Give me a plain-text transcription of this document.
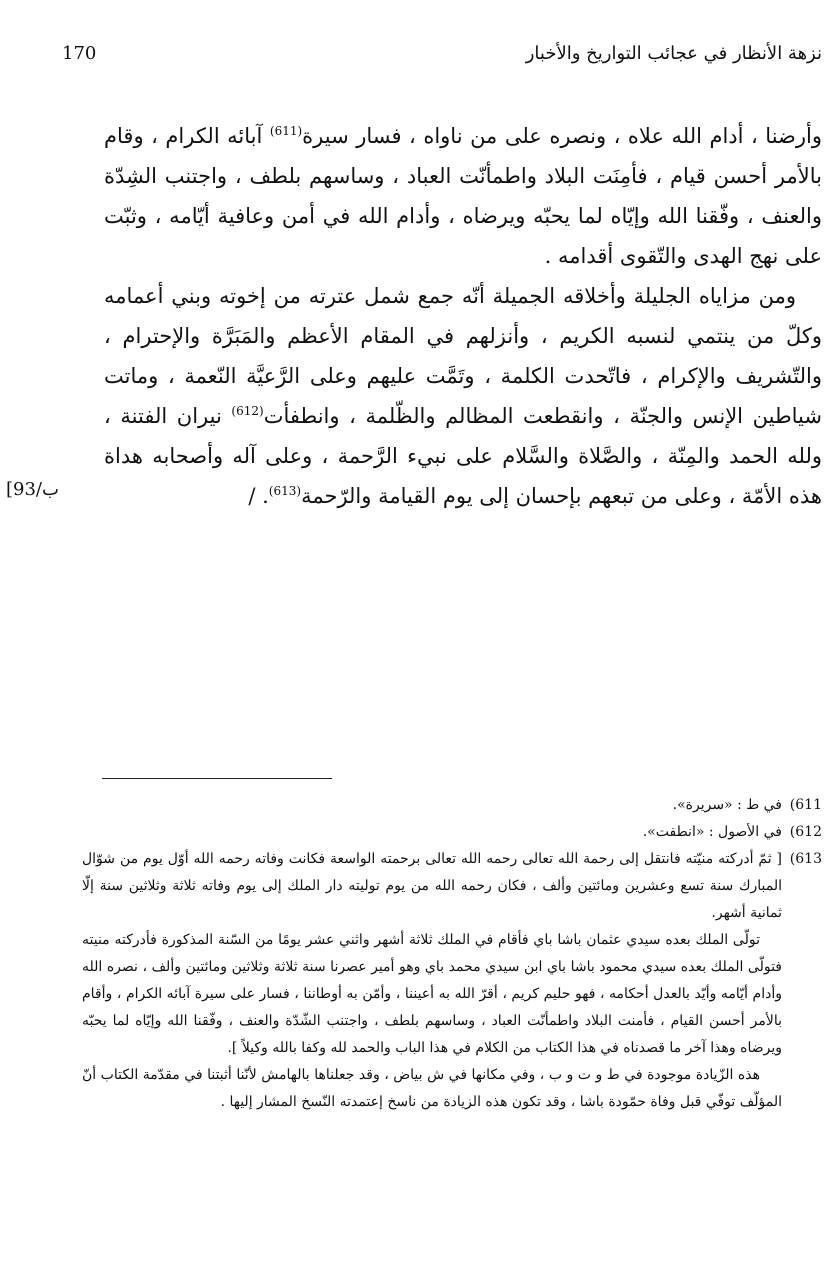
نزهة الأنظار في عجائب التواريخ والأخبار
170

وأرضنا ، أدام الله علاه ، ونصره على من ناواه ، فسار سيرة$^{(611)}$ آبائه الكرام ، وقام بالأمر أحسن قيام ، فأمِنَت البلاد واطمأنّت العباد ، وساسهم بلطف ، واجتنب الشِدّة والعنف ، وفّقنا الله وإيّاه لما يحبّه ويرضاه ، وأدام الله في أمن وعافية أيّامه ، وثبّت على نهج الهدى والتّقوى أقدامه .

ومن مزاياه الجليلة وأخلاقه الجميلة أنّه جمع شمل عترته من إخوته وبني أعمامه وكلّ من ينتمي لنسبه الكريم ، وأنزلهم في المقام الأعظم والمَبَرَّة والإحترام ، والتّشريف والإكرام ، فاتّحدت الكلمة ، وتَمَّت عليهم وعلى الرَّعيَّة النّعمة ، وماتت شياطين الإنس والجنّة ، وانقطعت المظالم والظّلمة ، وانطفأت$^{(612)}$ نيران الفتنة ، ولله الحمد والمِنّة ، والصَّلاة والسَّلام على نبيء الرَّحمة ، وعلى آله وأصحابه هداة هذه الأمّة ، وعلى من تبعهم بإحسان إلى يوم القيامة والرّحمة$^{(613)}$. /

[93/ب
611)
في ط : «سريرة».
612)
في الأصول : «انطفت».
613)

[ ثمّ أدركته منيّته فانتقل إلى رحمة الله تعالى رحمه الله تعالى برحمته الواسعة فكانت وفاته رحمه الله أوّل يوم من شوّال المبارك سنة تسع وعشرين ومائتين وألف ، فكان رحمه الله من يوم توليته دار الملك إلى يوم وفاته ثلاثة وثلاثين سنة إلّا ثمانية أشهر.

تولّى الملك بعده سيدي عثمان باشا باي فأقام في الملك ثلاثة أشهر واثني عشر يومًا من السّنة المذكورة فأدركته منيته فتولّى الملك بعده سيدي محمود باشا باي ابن سيدي محمد باي وهو أمير عصرنا سنة ثلاثة وثلاثين ومائتين وألف ، نصره الله وأدام أيّامه وأيّد بالعدل أحكامه ، فهو حليم كريم ، أقرّ الله به أعيننا ، وأمّن به أوطاننا ، فسار على سيرة آبائه الكرام ، وأقام بالأمر أحسن القيام ، فأمنت البلاد واطمأنّت العباد ، وساسهم بلطف ، واجتنب الشّدّة والعنف ، وفّقنا الله وإيّاه لما يحبّه ويرضاه وهذا آخر ما قصدناه في هذا الكتاب من الكلام في هذا الباب والحمد لله وكفا بالله وكيلاً ].

هذه الزّيادة موجودة في ط و ت و ب ، وفي مكانها في ش بياض ، وقد جعلناها بالهامش لأنّنا أثبتنا في مقدّمة الكتاب أنّ المؤلّف توفّي قبل وفاة حمّودة باشا ، وقد تكون هذه الزيادة من ناسخ إعتمدته النّسخ المشار إليها .
